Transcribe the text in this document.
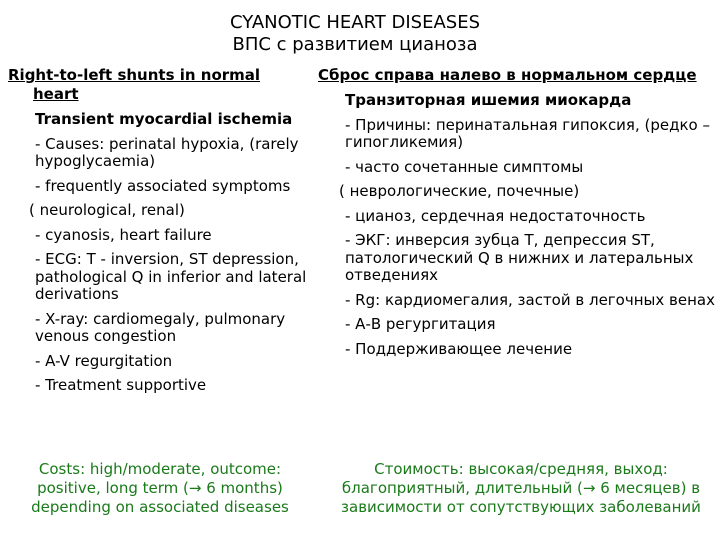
CYANOTIC HEART DISEASES
ВПС с развитием цианоза
Right-to-left shunts in normal heart
Transient myocardial ischemia
- Causes: perinatal hypoxia, (rarely hypoglycaemia)
- frequently associated symptoms
( neurological, renal)
- cyanosis, heart failure
- ECG: T - inversion, ST depression, pathological Q in inferior and lateral derivations
- X-ray: cardiomegaly, pulmonary venous congestion
- A-V regurgitation
- Treatment supportive
Costs: high/moderate, outcome: positive, long term (→ 6 months) depending on associated diseases
Сброс справа налево в нормальном сердце
Транзиторная ишемия миокарда
- Причины: перинатальная гипоксия, (редко – гипогликемия)
- часто сочетанные симптомы
( неврологические, почечные)
- цианоз, сердечная недостаточность
- ЭКГ: инверсия зубца Т, депрессия ST, патологический Q в нижних и латеральных отведениях
- Rg: кардиомегалия, застой в легочных венах
- А-В регургитация
- Поддерживающее лечение
Стоимость: высокая/средняя, выход: благоприятный, длительный (→ 6 месяцев) в зависимости от сопутствующих заболеваний
